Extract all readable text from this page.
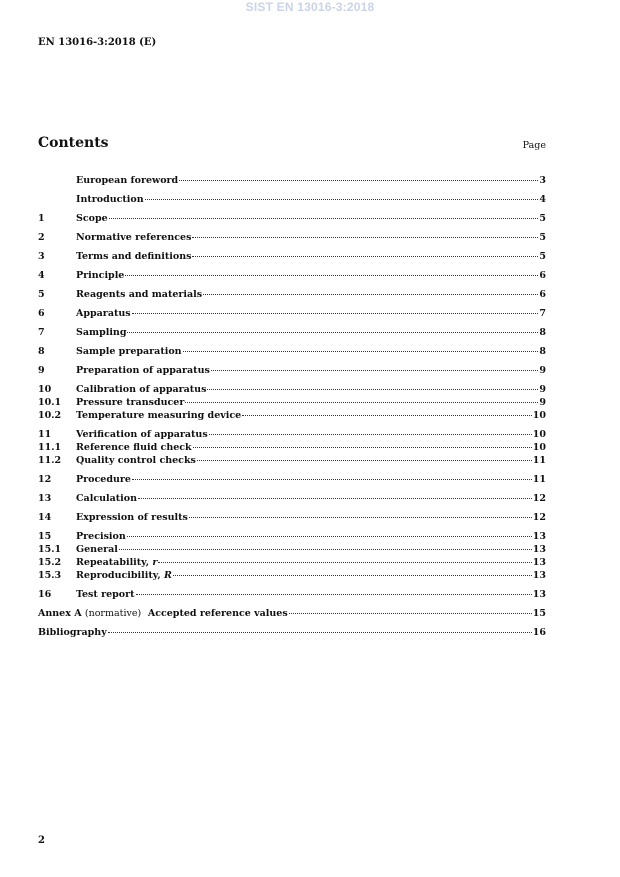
SIST EN 13016-3:2018
EN 13016-3:2018 (E)
Contents	Page
European foreword	3
Introduction	4
1	Scope	5
2	Normative references	5
3	Terms and definitions	5
4	Principle	6
5	Reagents and materials	6
6	Apparatus	7
7	Sampling	8
8	Sample preparation	8
9	Preparation of apparatus	9
10	Calibration of apparatus	9
10.1	Pressure transducer	9
10.2	Temperature measuring device	10
11	Verification of apparatus	10
11.1	Reference fluid check	10
11.2	Quality control checks	11
12	Procedure	11
13	Calculation	12
14	Expression of results	12
15	Precision	13
15.1	General	13
15.2	Repeatability, r	13
15.3	Reproducibility, R	13
16	Test report	13
Annex A (normative) Accepted reference values	15
Bibliography	16
2
